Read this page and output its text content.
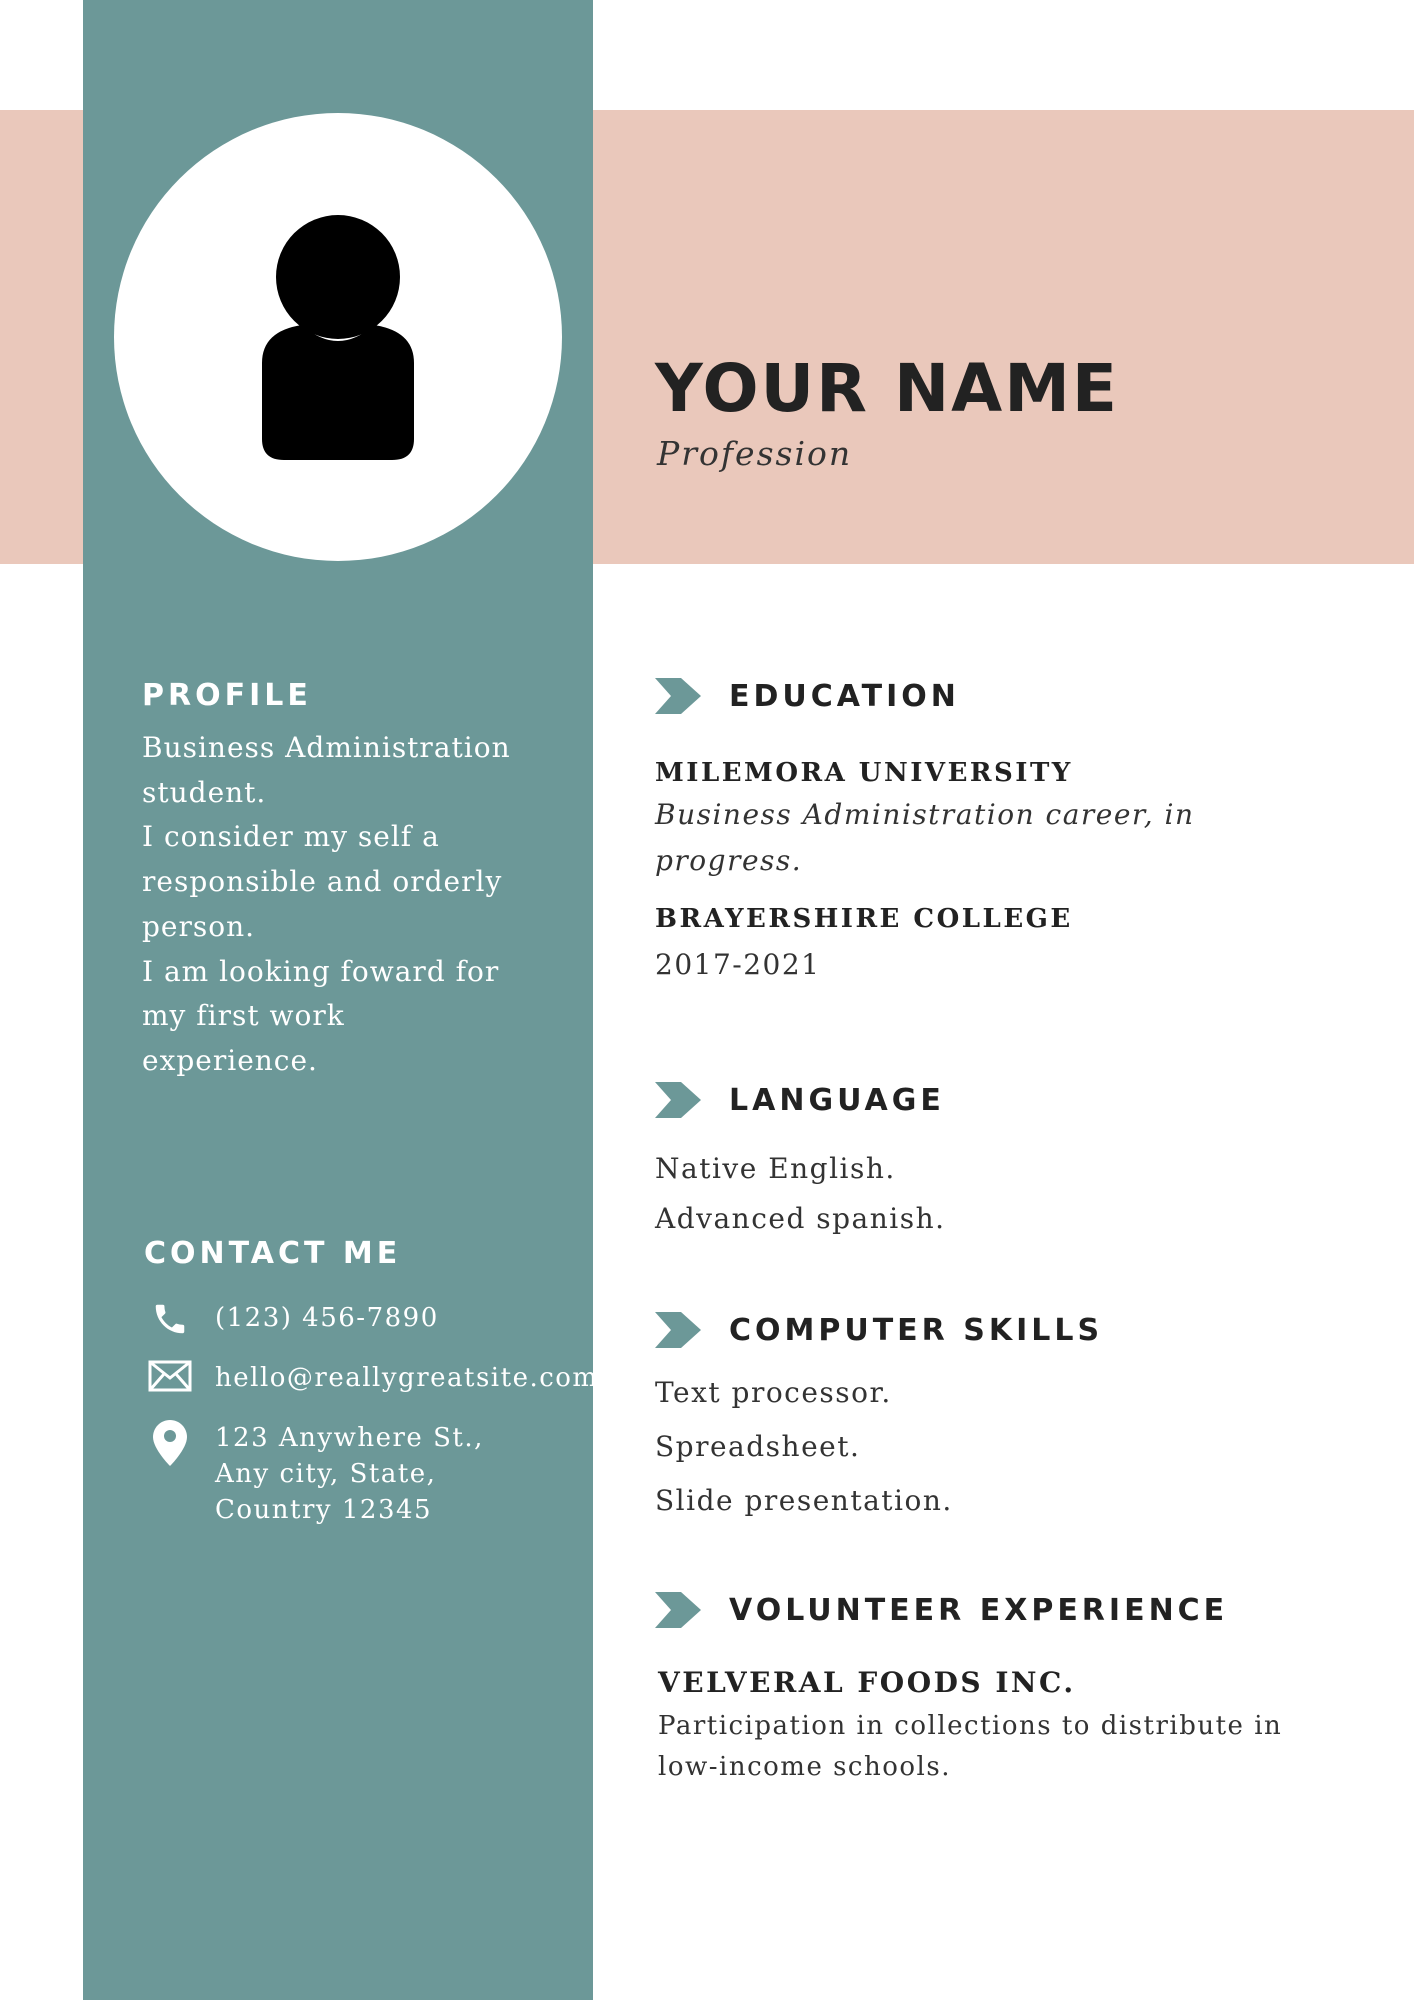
YOUR NAME
Profession
PROFILE
Business Administration
student.
I consider my self a
responsible and orderly
person.
I am looking foward for
my first work
experience.
CONTACT ME
(123) 456-7890
hello@reallygreatsite.com
123 Anywhere St.,
Any city, State,
Country 12345
EDUCATION
MILEMORA UNIVERSITY
Business Administration career, in
progress.
BRAYERSHIRE COLLEGE
2017-2021
LANGUAGE
Native English.
Advanced spanish.
COMPUTER SKILLS
Text processor.
Spreadsheet.
Slide presentation.
VOLUNTEER EXPERIENCE
VELVERAL FOODS INC.
Participation in collections to distribute in
low-income schools.
